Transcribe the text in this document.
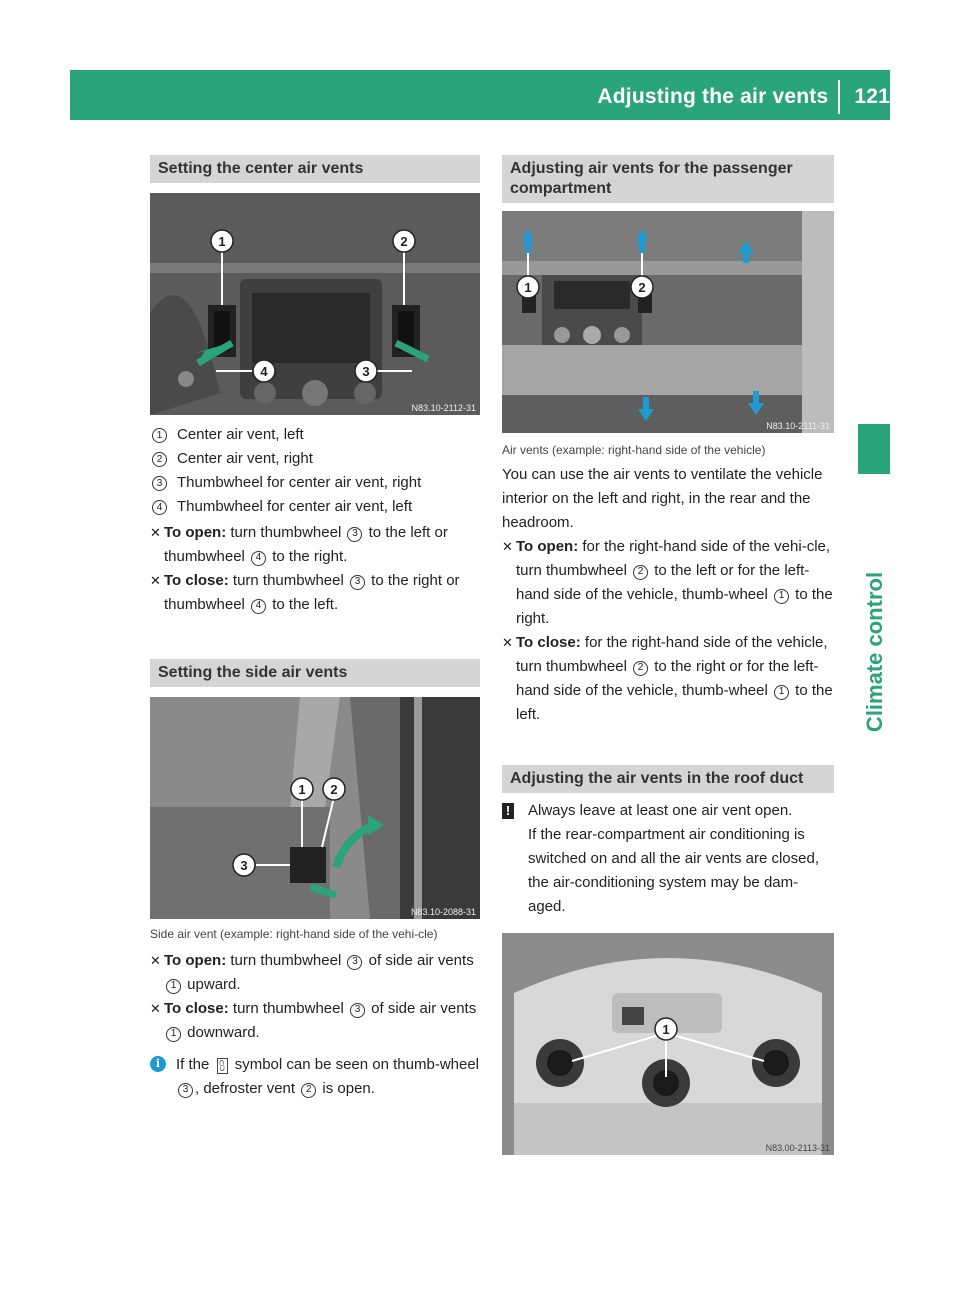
Adjusting the air vents 121
Climate control
Setting the center air vents
1	2
4	3
N83.10-2112-31
1 Center air vent, left
2 Center air vent, right
3 Thumbwheel for center air vent, right
4 Thumbwheel for center air vent, left
✕ To open: turn thumbwheel 3 to the left or thumbwheel 4 to the right.
✕ To close: turn thumbwheel 3 to the right or thumbwheel 4 to the left.
Setting the side air vents
1 2
3
N83.10-2088-31
Side air vent (example: right-hand side of the vehi-cle)
✕ To open: turn thumbwheel 3 of side air vents 1 upward.
✕ To close: turn thumbwheel 3 of side air vents 1 downward.
i	If the ⩉ symbol can be seen on thumb-wheel 3 , defroster vent 2 is open.
Adjusting air vents for the passenger compartment
1	2
N83.10-2111-31
Air vents (example: right-hand side of the vehicle)

You can use the air vents to ventilate the vehicle interior on the left and right, in the rear and the headroom.

✕ To open: for the right-hand side of the vehi-cle, turn thumbwheel 2 to the left or for the left-hand side of the vehicle, thumb-wheel 1 to the right.
✕ To close: for the right-hand side of the vehicle, turn thumbwheel 2 to the right or for the left-hand side of the vehicle, thumb-wheel 1 to the left.
Adjusting the air vents in the roof duct
! Always leave at least one air vent open.

If the rear-compartment air conditioning is switched on and all the air vents are closed, the air-conditioning system may be dam-aged.

1
N83.00-2113-31
